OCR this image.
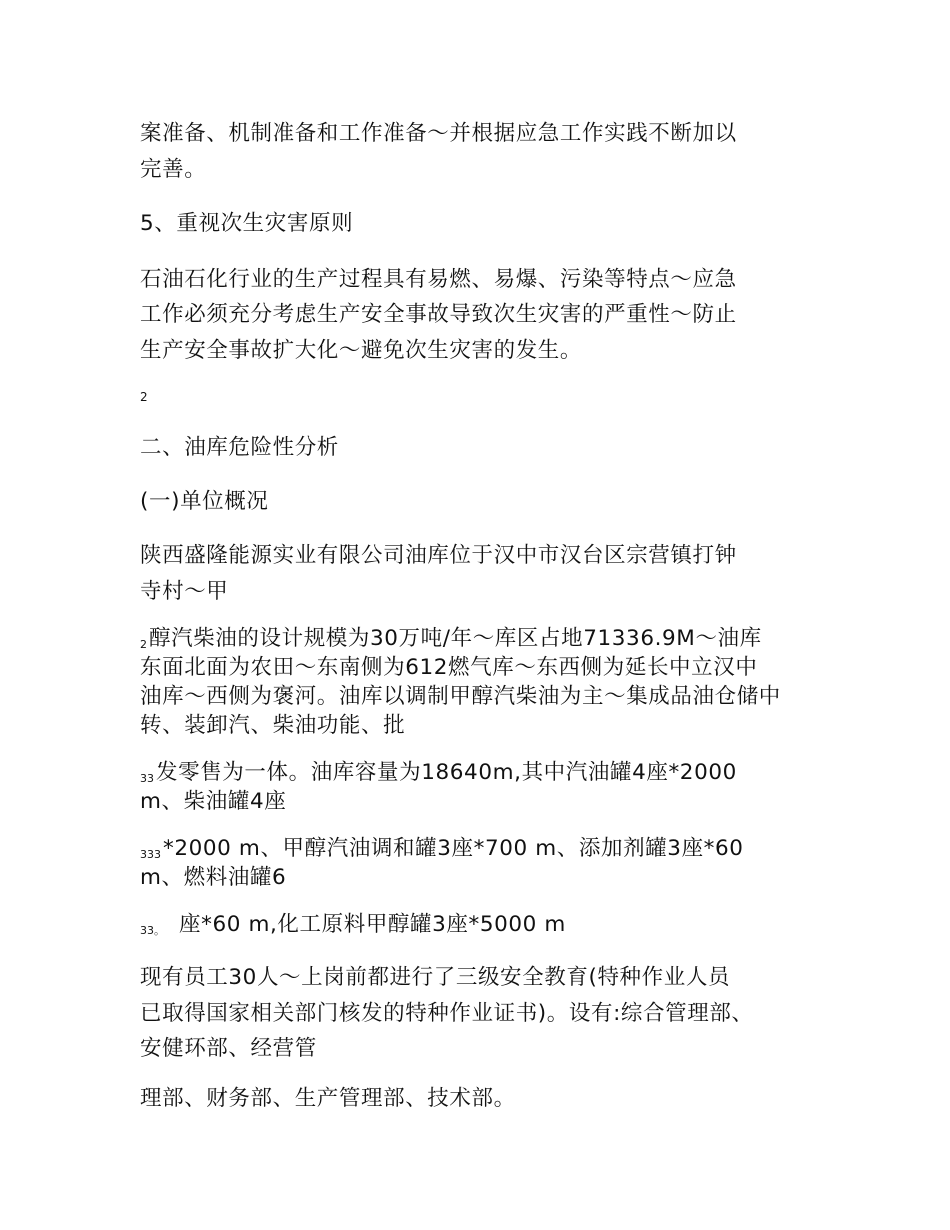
案准备、机制准备和工作准备～并根据应急工作实践不断加以
完善。
5、重视次生灾害原则
石油石化行业的生产过程具有易燃、易爆、污染等特点～应急
工作必须充分考虑生产安全事故导致次生灾害的严重性～防止
生产安全事故扩大化～避免次生灾害的发生。
2
二、油库危险性分析
(一)单位概况
陕西盛隆能源实业有限公司油库位于汉中市汉台区宗营镇打钟
寺村～甲
$_2$醇汽柴油的设计规模为30万吨/年～库区占地71336.9M～油库
东面北面为农田～东南侧为612燃气库～东西侧为延长中立汉中
油库～西侧为褒河。油库以调制甲醇汽柴油为主～集成品油仓储中
转、装卸汽、柴油功能、批
$_{33}$发零售为一体。油库容量为18640m,其中汽油罐4座*2000
m、柴油罐4座
$_{333}$*2000 m、甲醇汽油调和罐3座*700 m、添加剂罐3座*60
m、燃料油罐6
$_{33。}$ 座*60 m,化工原料甲醇罐3座*5000 m
现有员工30人～上岗前都进行了三级安全教育(特种作业人员
已取得国家相关部门核发的特种作业证书)。设有:综合管理部、
安健环部、经营管
理部、财务部、生产管理部、技术部。
